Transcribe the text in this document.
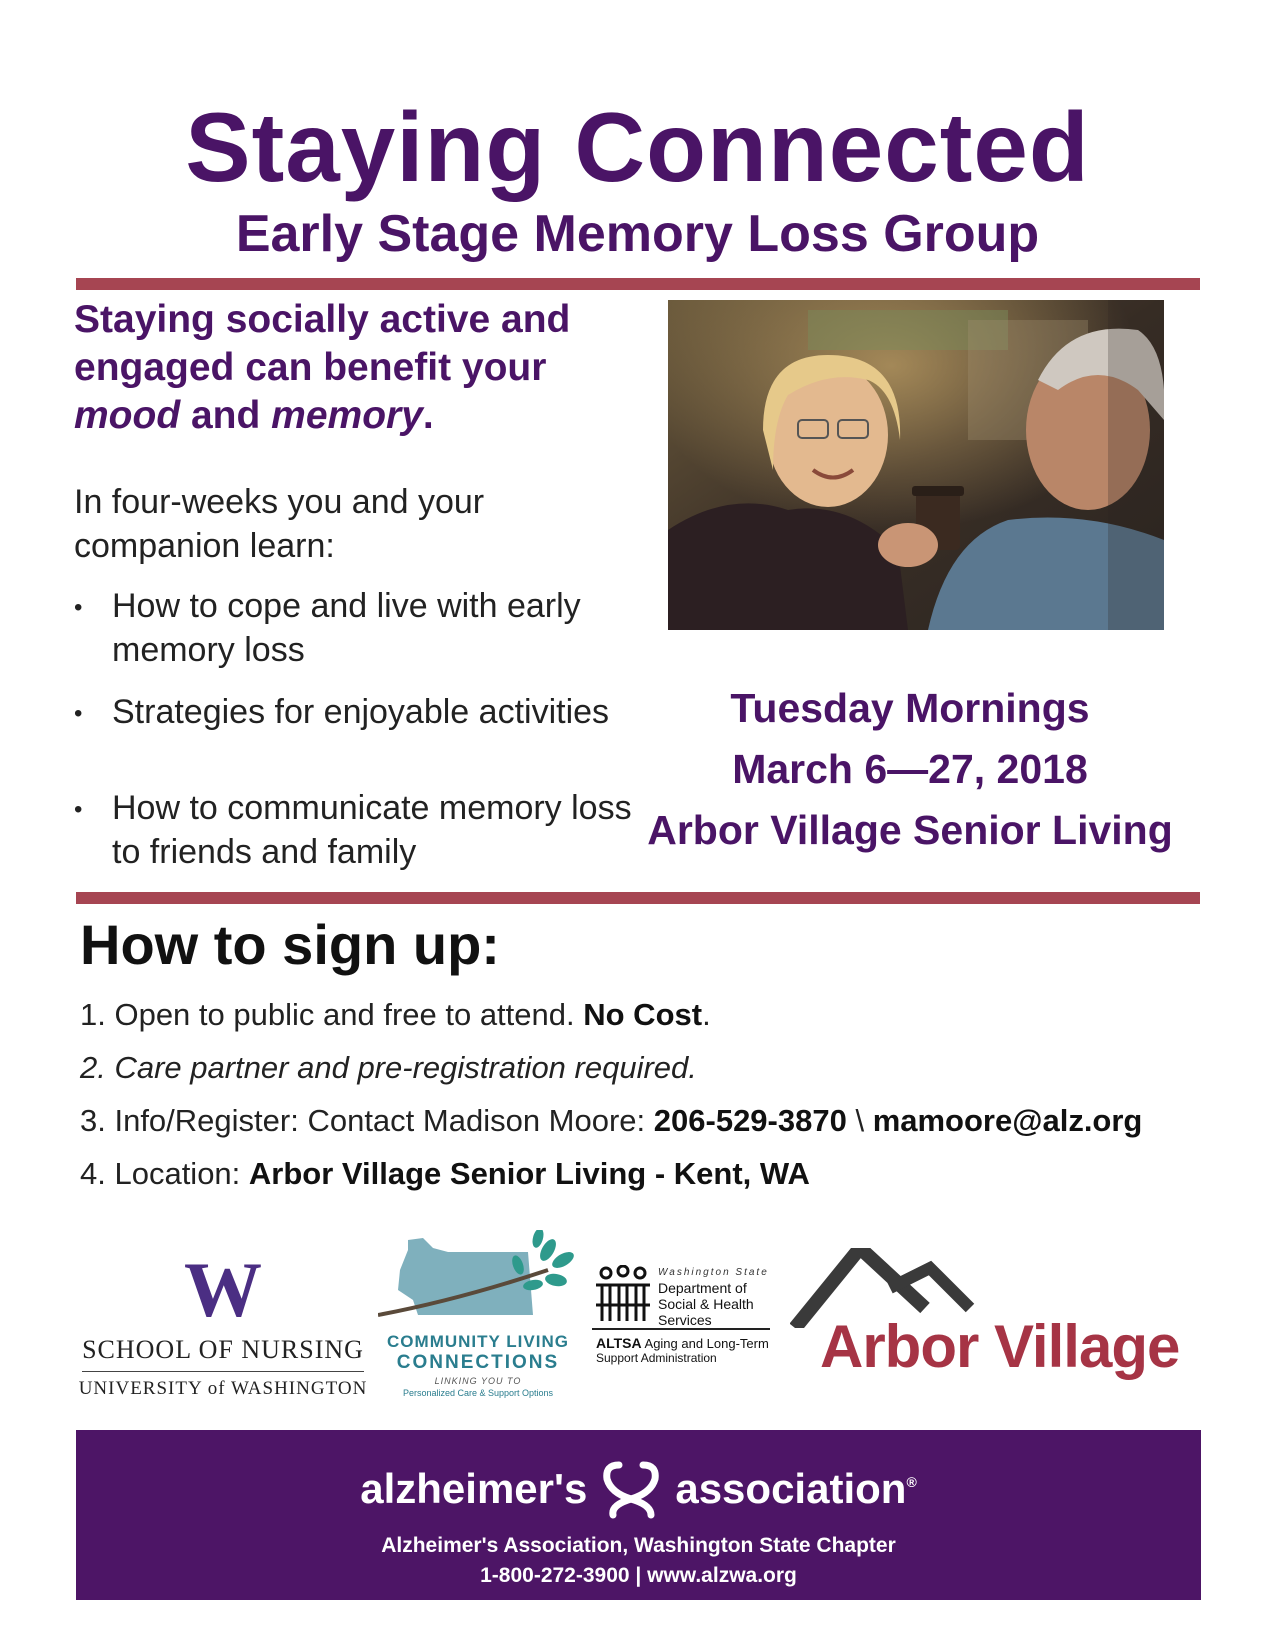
Staying Connected
Early Stage Memory Loss Group
Staying socially active and engaged can benefit your mood and memory.
In four-weeks you and your companion learn:
• How to cope and live with early memory loss
• Strategies for enjoyable activities
• How to communicate memory loss to friends and family
Tuesday Mornings
March 6—27, 2018
Arbor Village Senior Living
How to sign up:
1. Open to public and free to attend. No Cost.
2. Care partner and pre-registration required.
3. Info/Register: Contact Madison Moore: 206-529-3870 \ mamoore@alz.org
4. Location: Arbor Village Senior Living - Kent, WA
W
SCHOOL OF NURSING
UNIVERSITY of WASHINGTON
COMMUNITY LIVING
CONNECTIONS
LINKING YOU TO
Personalized Care & Support Options
Washington State
Department of Social & Health Services
ALTSA Aging and Long-Term
Support Administration Arbor Village
alzheimer's association®
Alzheimer's Association, Washington State Chapter
1-800-272-3900 | www.alzwa.org
